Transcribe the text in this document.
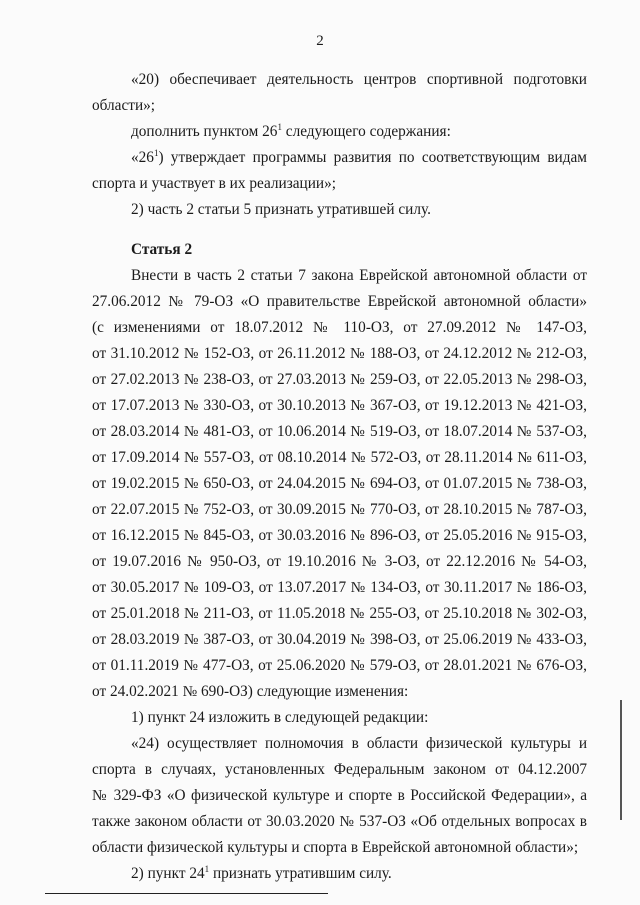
2
«20) обеспечивает деятельность центров спортивной подготовки
области»;
дополнить пунктом $26^1$ следующего содержания:
«$26^1$) утверждает программы развития по соответствующим видам
спорта и участвует в их реализации»;
2) часть 2 статьи 5 признать утратившей силу.
Статья 2
Внести в часть 2 статьи 7 закона Еврейской автономной области от
27.06.2012 № 79-ОЗ «О правительстве Еврейской автономной области»
(с изменениями от 18.07.2012 № 110-ОЗ, от 27.09.2012 № 147-ОЗ,
от 31.10.2012 № 152-ОЗ, от 26.11.2012 № 188-ОЗ, от 24.12.2012 № 212-ОЗ,
от 27.02.2013 № 238-ОЗ, от 27.03.2013 № 259-ОЗ, от 22.05.2013 № 298-ОЗ,
от 17.07.2013 № 330-ОЗ, от 30.10.2013 № 367-ОЗ, от 19.12.2013 № 421-ОЗ,
от 28.03.2014 № 481-ОЗ, от 10.06.2014 № 519-ОЗ, от 18.07.2014 № 537-ОЗ,
от 17.09.2014 № 557-ОЗ, от 08.10.2014 № 572-ОЗ, от 28.11.2014 № 611-ОЗ,
от 19.02.2015 № 650-ОЗ, от 24.04.2015 № 694-ОЗ, от 01.07.2015 № 738-ОЗ,
от 22.07.2015 № 752-ОЗ, от 30.09.2015 № 770-ОЗ, от 28.10.2015 № 787-ОЗ,
от 16.12.2015 № 845-ОЗ, от 30.03.2016 № 896-ОЗ, от 25.05.2016 № 915-ОЗ,
от 19.07.2016 № 950-ОЗ, от 19.10.2016 № 3-ОЗ, от 22.12.2016 № 54-ОЗ,
от 30.05.2017 № 109-ОЗ, от 13.07.2017 № 134-ОЗ, от 30.11.2017 № 186-ОЗ,
от 25.01.2018 № 211-ОЗ, от 11.05.2018 № 255-ОЗ, от 25.10.2018 № 302-ОЗ,
от 28.03.2019 № 387-ОЗ, от 30.04.2019 № 398-ОЗ, от 25.06.2019 № 433-ОЗ,
от 01.11.2019 № 477-ОЗ, от 25.06.2020 № 579-ОЗ, от 28.01.2021 № 676-ОЗ,
от 24.02.2021 № 690-ОЗ) следующие изменения:
1) пункт 24 изложить в следующей редакции:
«24) осуществляет полномочия в области физической культуры и
спорта в случаях, установленных Федеральным законом от 04.12.2007
№ 329-ФЗ «О физической культуре и спорте в Российской Федерации», а
также законом области от 30.03.2020 № 537-ОЗ «Об отдельных вопросах в
области физической культуры и спорта в Еврейской автономной области»;
2) пункт $24^1$ признать утратившим силу.
